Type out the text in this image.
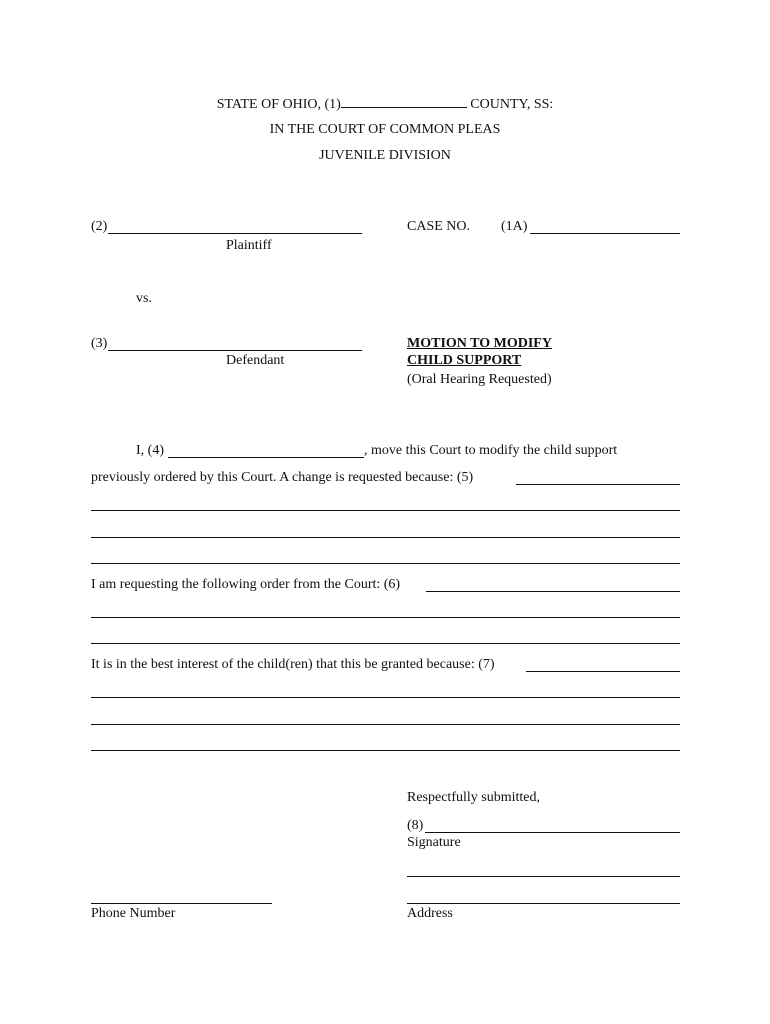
STATE OF OHIO, (1)	COUNTY, SS:
IN THE COURT OF COMMON PLEAS
JUVENILE DIVISION
(2)
Plaintiff
CASE NO. (1A)
vs.
(3)
Defendant
MOTION TO MODIFY
CHILD SUPPORT
(Oral Hearing Requested)
I, (4)	, move this Court to modify the child support
previously ordered by this Court. A change is requested because: (5)
I am requesting the following order from the Court: (6)
It is in the best interest of the child(ren) that this be granted because: (7)
Respectfully submitted,
(8)
Signature
Address
Phone Number
